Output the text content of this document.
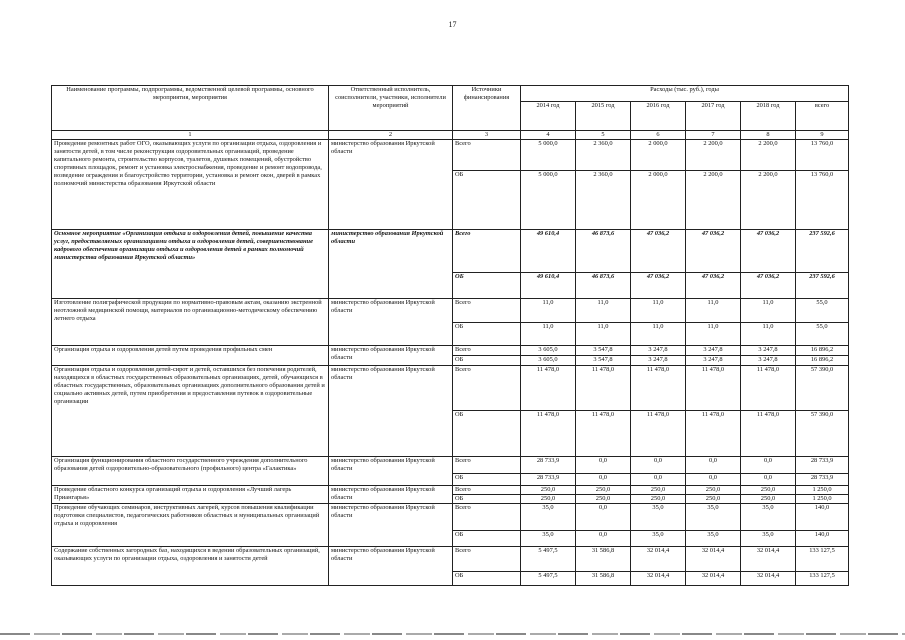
17
Наименование программы, подпрограммы, ведомственной целевой программы, основного мероприятия, мероприятия	Ответственный исполнитель, соисполнители, участники, исполнители мероприятий	Источники финансирования	Расходы (тыс. руб.), годы					
			2014 год	2015 год	2016 год	2017 год	2018 год	всего
1	2	3	4	5	6	7	8	9
Проведение ремонтных работ ОГО, оказывающих услуги по организации отдыха, оздоровления и занятости детей, в том числе реконструкция оздоровительных организаций, проведение капитального ремонта, строительство корпусов, туалетов, душевых помещений, обустройство спортивных площадок, ремонт и установка электроснабжения, проведение и ремонт водопровода, возведение ограждения и благоустройство территории, установка и ремонт окон, дверей в рамках полномочий министерства образования Иркутской области	министерство образования Иркутской области	Всего	5 000,0	2 360,0	2 000,0	2 200,0	2 200,0	13 760,0
		ОБ	5 000,0	2 360,0	2 000,0	2 200,0	2 200,0	13 760,0
Основное мероприятие «Организация отдыха и оздоровления детей, повышение качества услуг, предоставляемых организациями отдыха и оздоровления детей, совершенствование кадрового обеспечения организации отдыха и оздоровления детей в рамках полномочий министерства образования Иркутской области»	министерство образования Иркутской области	Всего	49 610,4	46 873,6	47 036,2	47 036,2	47 036,2	237 592,6
		ОБ	49 610,4	46 873,6	47 036,2	47 036,2	47 036,2	237 592,6
Изготовление полиграфической продукции по нормативно-правовым актам, оказанию экстренной неотложной медицинской помощи, материалов по организационно-методическому обеспечению летнего отдыха	министерство образования Иркутской области	Всего	11,0	11,0	11,0	11,0	11,0	55,0
		ОБ	11,0	11,0	11,0	11,0	11,0	55,0
Организация отдыха и оздоровления детей путем проведения профильных смен	министерство образования Иркутской области	Всего	3 605,0	3 547,8	3 247,8	3 247,8	3 247,8	16 896,2
		ОБ	3 605,0	3 547,8	3 247,8	3 247,8	3 247,8	16 896,2
Организация отдыха и оздоровления детей-сирот и детей, оставшихся без попечения родителей, находящихся в областных государственных образовательных организациях, детей, обучающихся в областных государственных, образовательных организациях дополнительного образования детей и социально активных детей, путем приобретения и предоставления путевок в оздоровительные организации	министерство образования Иркутской области	Всего	11 478,0	11 478,0	11 478,0	11 478,0	11 478,0	57 390,0
		ОБ	11 478,0	11 478,0	11 478,0	11 478,0	11 478,0	57 390,0
Организация функционирования областного государственного учреждения дополнительного образования детей оздоровительно-образовательного (профильного) центра «Галактика»	министерство образования Иркутской области	Всего	28 733,9	0,0	0,0	0,0	0,0	28 733,9
		ОБ	28 733,9	0,0	0,0	0,0	0,0	28 733,9
Проведение областного конкурса организаций отдыха и оздоровления «Лучший лагерь Приангарья»	министерство образования Иркутской области	Всего	250,0	250,0	250,0	250,0	250,0	1 250,0
		ОБ	250,0	250,0	250,0	250,0	250,0	1 250,0
Проведение обучающих семинаров, инструктивных лагерей, курсов повышения квалификации подготовки специалистов, педагогических работников областных и муниципальных организаций отдыха и оздоровления	министерство образования Иркутской области	Всего	35,0	0,0	35,0	35,0	35,0	140,0
		ОБ	35,0	0,0	35,0	35,0	35,0	140,0
Содержание собственных загородных баз, находящихся в ведении образовательных организаций, оказывающих услуги по организации отдыха, оздоровления и занятости детей	министерство образования Иркутской области	Всего	5 497,5	31 586,8	32 014,4	32 014,4	32 014,4	133 127,5
		ОБ	5 497,5	31 586,8	32 014,4	32 014,4	32 014,4	133 127,5
